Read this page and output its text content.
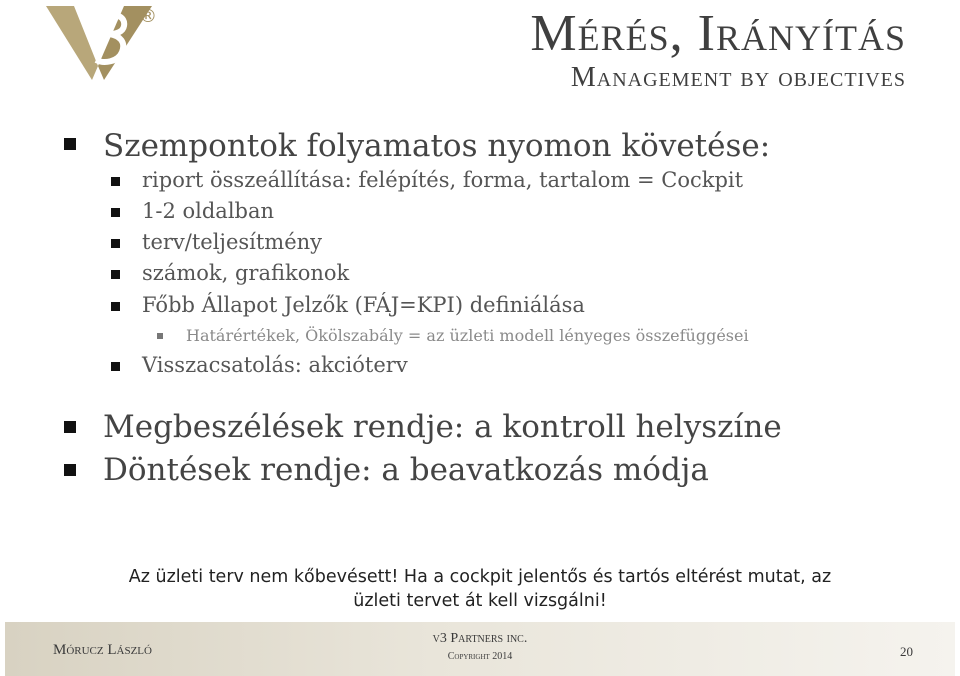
®	Mérés, Irányítás
Management by objectives
Szempontok folyamatos nyomon követése:
riport összeállítása: felépítés, forma, tartalom = Cockpit
1-2 oldalban
terv/teljesítmény
számok, grafikonok
Főbb Állapot Jelzők (FÁJ=KPI) definiálása
Határértékek, Ökölszabály = az üzleti modell lényeges összefüggései
Visszacsatolás: akcióterv
Megbeszélések rendje: a kontroll helyszíne
Döntések rendje: a beavatkozás módja
Az üzleti terv nem kőbevésett! Ha a cockpit jelentős és tartós eltérést mutat, az
üzleti tervet át kell vizsgálni!
Mórucz László
v3 Partners inc.
Copyright 2014	20
